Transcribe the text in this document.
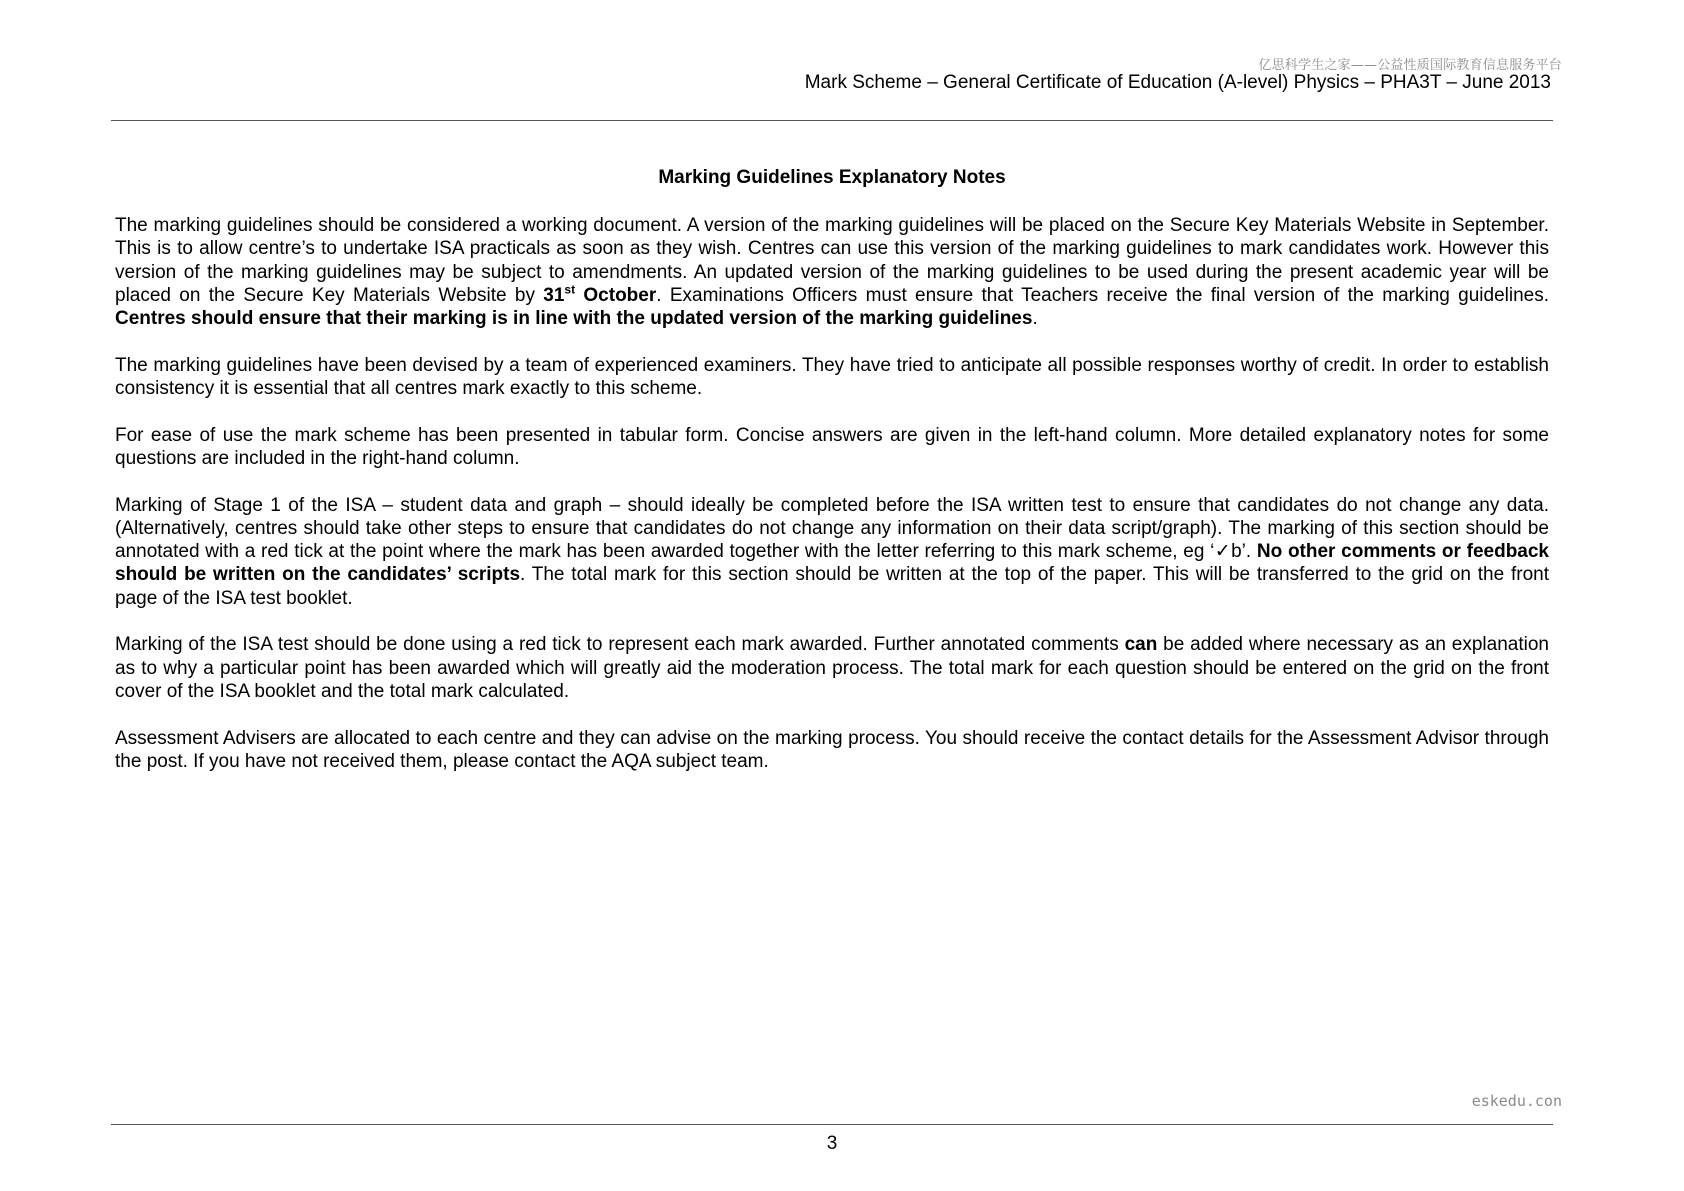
亿思科学生之家——公益性质国际教育信息服务平台
Mark Scheme – General Certificate of Education (A-level) Physics – PHA3T – June 2013
Marking Guidelines Explanatory Notes

The marking guidelines should be considered a working document. A version of the marking guidelines will be placed on the Secure Key Materials Website in September. This is to allow centre’s to undertake ISA practicals as soon as they wish. Centres can use this version of the marking guidelines to mark candidates work. However this version of the marking guidelines may be subject to amendments. An updated version of the marking guidelines to be used during the present academic year will be placed on the Secure Key Materials Website by 31st October. Examinations Officers must ensure that Teachers receive the final version of the marking guidelines. Centres should ensure that their marking is in line with the updated version of the marking guidelines.

The marking guidelines have been devised by a team of experienced examiners. They have tried to anticipate all possible responses worthy of credit. In order to establish consistency it is essential that all centres mark exactly to this scheme.

For ease of use the mark scheme has been presented in tabular form. Concise answers are given in the left-hand column. More detailed explanatory notes for some questions are included in the right-hand column.

Marking of Stage 1 of the ISA – student data and graph – should ideally be completed before the ISA written test to ensure that candidates do not change any data. (Alternatively, centres should take other steps to ensure that candidates do not change any information on their data script/graph). The marking of this section should be annotated with a red tick at the point where the mark has been awarded together with the letter referring to this mark scheme, eg ‘✓b’. No other comments or feedback should be written on the candidates’ scripts. The total mark for this section should be written at the top of the paper. This will be transferred to the grid on the front page of the ISA test booklet.

Marking of the ISA test should be done using a red tick to represent each mark awarded. Further annotated comments can be added where necessary as an explanation as to why a particular point has been awarded which will greatly aid the moderation process. The total mark for each question should be entered on the grid on the front cover of the ISA booklet and the total mark calculated.

Assessment Advisers are allocated to each centre and they can advise on the marking process. You should receive the contact details for the Assessment Advisor through the post. If you have not received them, please contact the AQA subject team.

eskedu.con
3
